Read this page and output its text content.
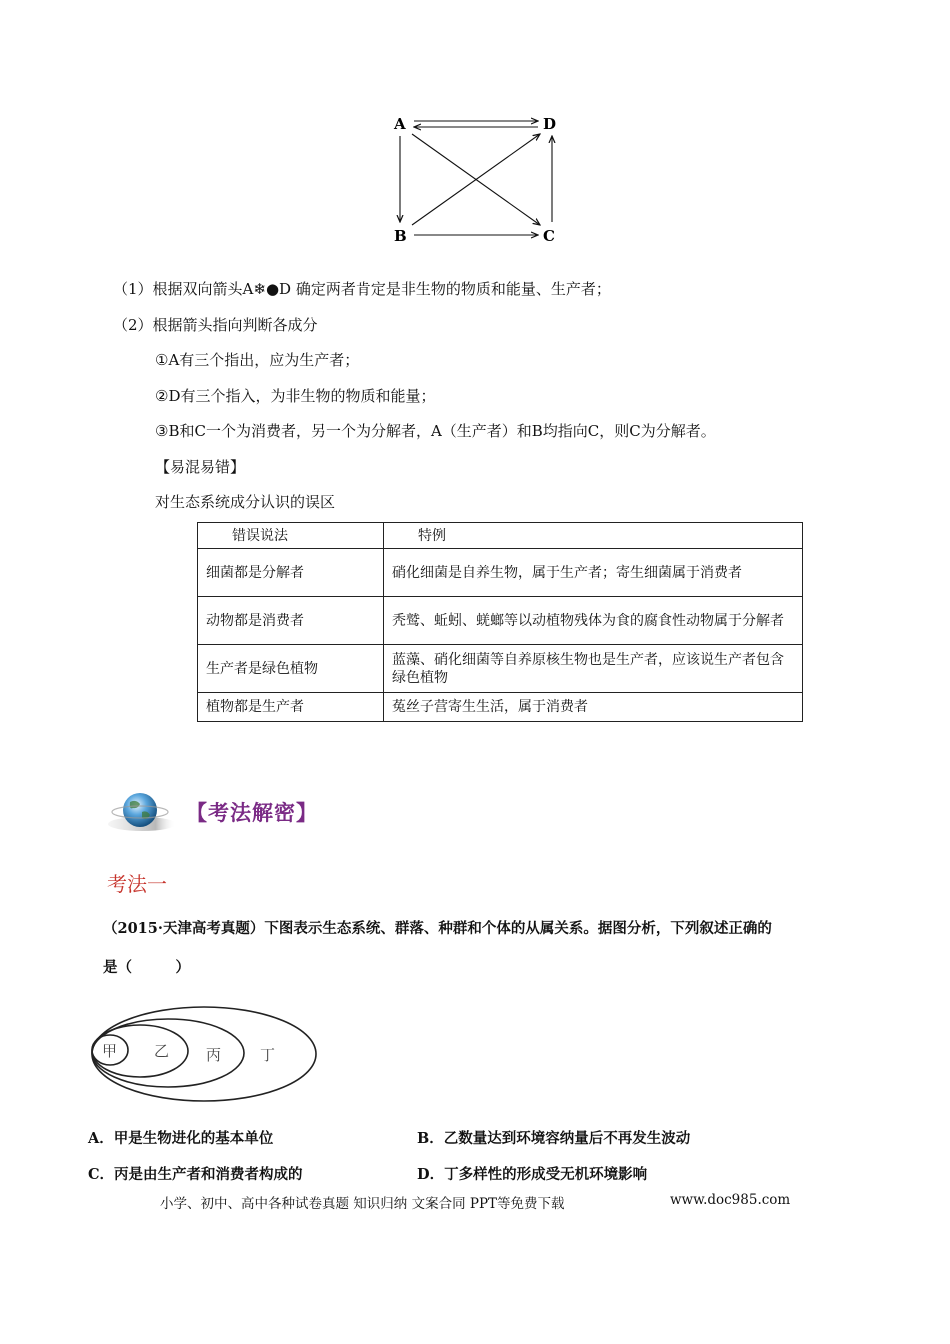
A	D
B	C
（1）根据双向箭头A❄●D 确定两者肯定是非生物的物质和能量、生产者；
（2）根据箭头指向判断各成分
①A有三个指出，应为生产者；
②D有三个指入，为非生物的物质和能量；
③B和C一个为消费者，另一个为分解者，A（生产者）和B均指向C，则C为分解者。
【易混易错】
对生态系统成分认识的误区
错误说法	特例
细菌都是分解者	硝化细菌是自养生物，属于生产者；寄生细菌属于消费者
动物都是消费者	秃鹫、蚯蚓、蜣螂等以动植物残体为食的腐食性动物属于分解者
生产者是绿色植物	蓝藻、硝化细菌等自养原核生物也是生产者，应该说生产者包含绿色植物
植物都是生产者	菟丝子营寄生生活，属于消费者
【考法解密】
考法一
（2015·天津高考真题）下图表示生态系统、群落、种群和个体的从属关系。据图分析，下列叙述正确的
是（　　　）
甲 乙 丙	丁
A．甲是生物进化的基本单位	B．乙数量达到环境容纳量后不再发生波动
C．丙是由生产者和消费者构成的	D．丁多样性的形成受无机环境影响
小学、初中、高中各种试卷真题 知识归纳 文案合同 PPT等免费下载	www.doc985.com
